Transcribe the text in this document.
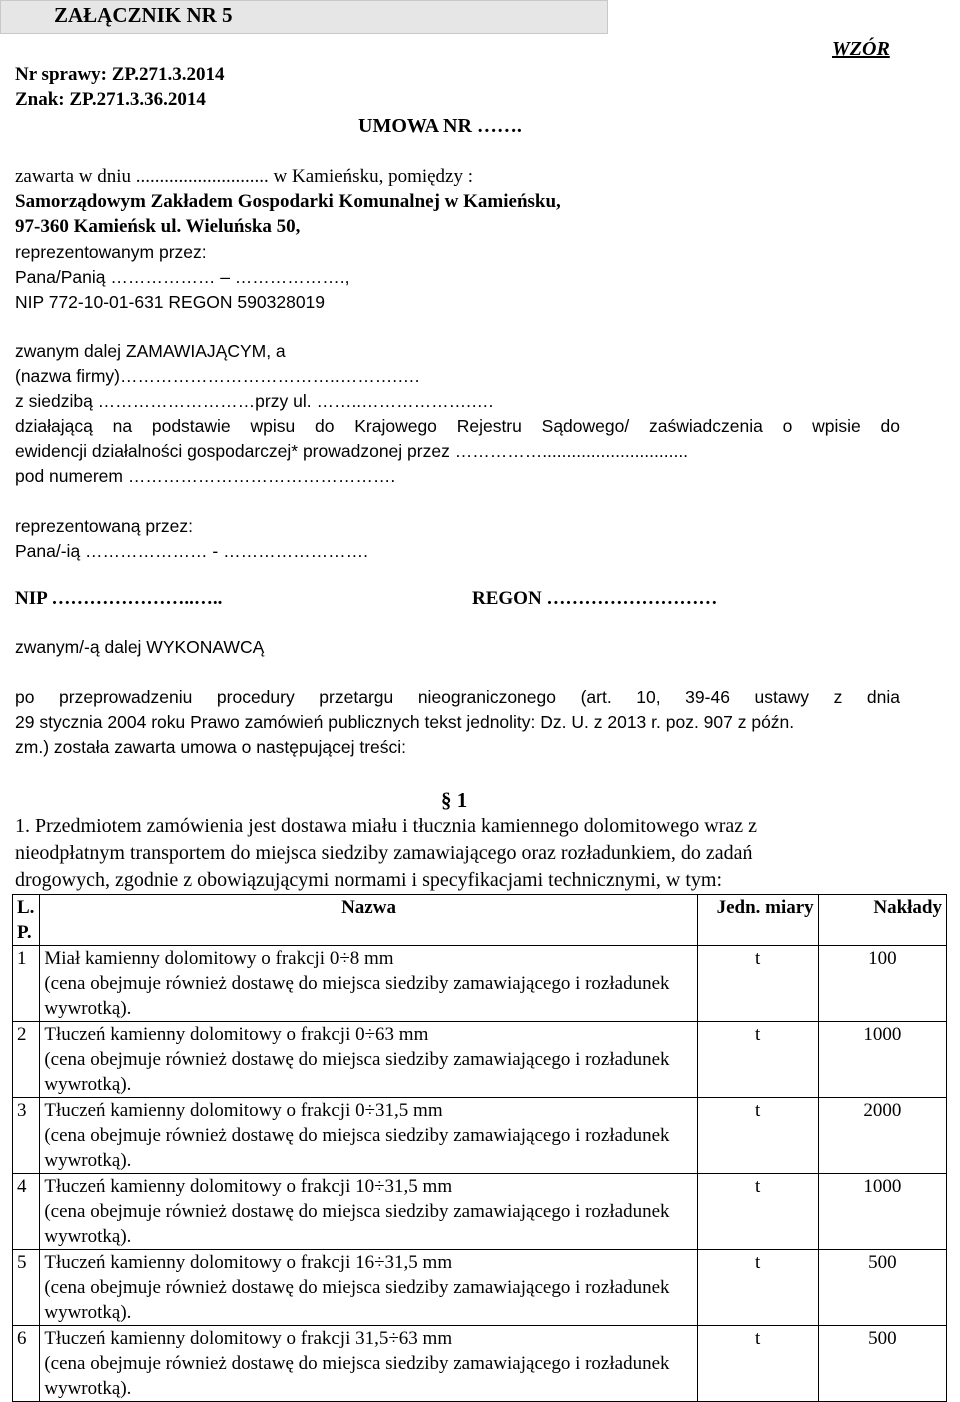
ZAŁĄCZNIK NR 5
WZÓR
Nr sprawy: ZP.271.3.2014
Znak: ZP.271.3.36.2014
UMOWA NR …….
zawarta w dniu ............................ w Kamieńsku, pomiędzy :
Samorządowym Zakładem Gospodarki Komunalnej w Kamieńsku,
97-360 Kamieńsk ul. Wieluńska 50,
reprezentowanym przez:
Pana/Panią ……………… – ……………….,
NIP 772-10-01-631 REGON 590328019
zwanym dalej ZAMAWIAJĄCYM, a
(nazwa firmy)………………………………..……….….
z siedzibą ………………………przy ul. ……..……………….….
działającą na podstawie wpisu do Krajowego Rejestru Sądowego/ zaświadczenia o wpisie do
ewidencji działalności gospodarczej* prowadzonej przez ……………..............................
pod numerem ……………………………………….
reprezentowaną przez:
Pana/-ią ………………… - …………………….
NIP …………………..…..	REGON ………………………
zwanym/-ą dalej WYKONAWCĄ
po przeprowadzeniu procedury przetargu nieograniczonego (art. 10, 39-46 ustawy z dnia
29 stycznia 2004 roku Prawo zamówień publicznych tekst jednolity: Dz. U. z 2013 r. poz. 907 z późn.
zm.) została zawarta umowa o następującej treści:
§ 1
1. Przedmiotem zamówienia jest dostawa miału i tłucznia kamiennego dolomitowego wraz z
nieodpłatnym transportem do miejsca siedziby zamawiającego oraz rozładunkiem, do zadań
drogowych, zgodnie z obowiązującymi normami i specyfikacjami technicznymi, w tym:
L. P.	Nazwa	Jedn. miary	Nakłady
1	Miał kamienny dolomitowy o frakcji 0÷8 mm
(cena obejmuje również dostawę do miejsca siedziby zamawiającego i rozładunek wywrotką).	t	100
2	Tłuczeń kamienny dolomitowy o frakcji 0÷63 mm
(cena obejmuje również dostawę do miejsca siedziby zamawiającego i rozładunek wywrotką).	t	1000
3	Tłuczeń kamienny dolomitowy o frakcji 0÷31,5 mm
(cena obejmuje również dostawę do miejsca siedziby zamawiającego i rozładunek wywrotką).	t	2000
4	Tłuczeń kamienny dolomitowy o frakcji 10÷31,5 mm
(cena obejmuje również dostawę do miejsca siedziby zamawiającego i rozładunek wywrotką).	t	1000
5	Tłuczeń kamienny dolomitowy o frakcji 16÷31,5 mm
(cena obejmuje również dostawę do miejsca siedziby zamawiającego i rozładunek wywrotką).	t	500
6	Tłuczeń kamienny dolomitowy o frakcji 31,5÷63 mm
(cena obejmuje również dostawę do miejsca siedziby zamawiającego i rozładunek wywrotką).	t	500
